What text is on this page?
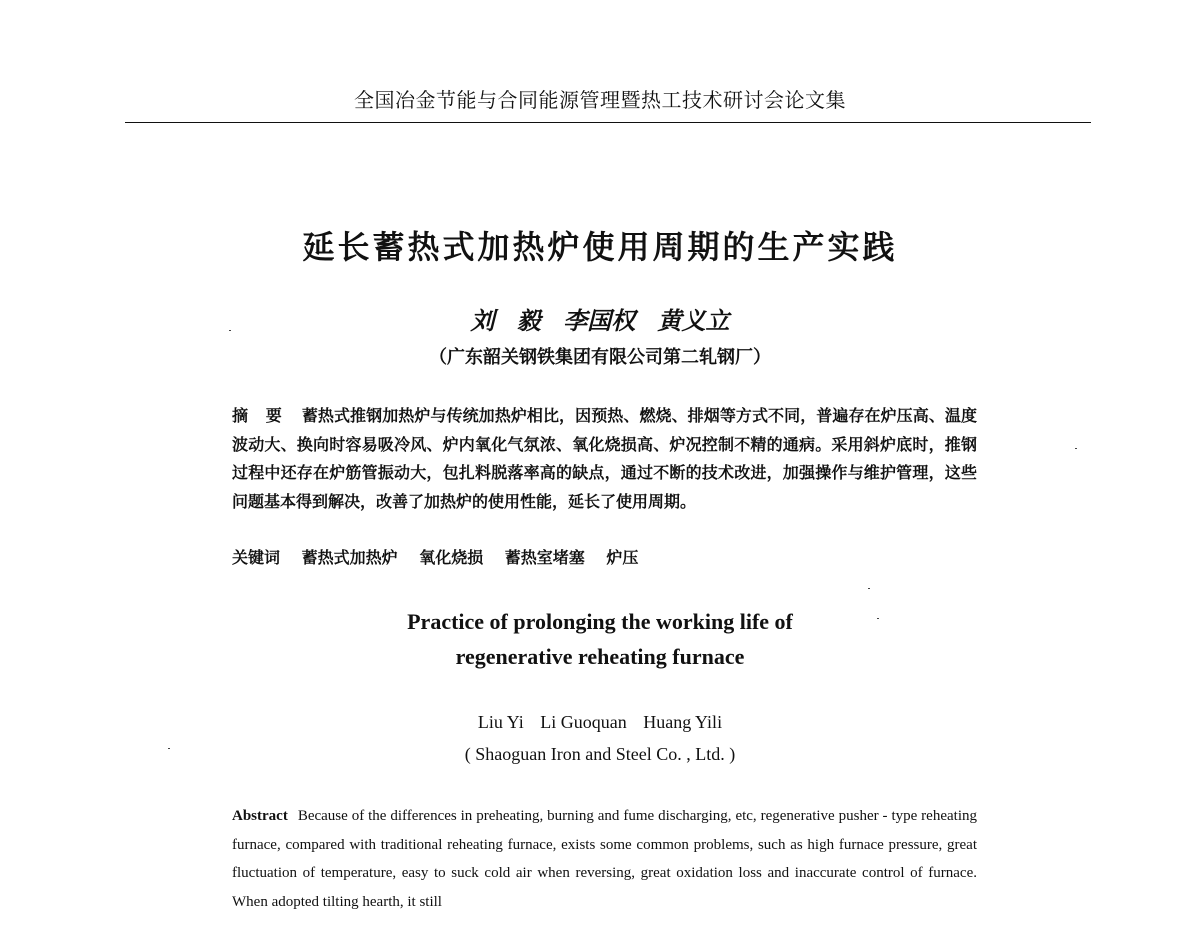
全国冶金节能与合同能源管理暨热工技术研讨会论文集
延长蓄热式加热炉使用周期的生产实践
刘 毅 李国权 黄义立
（广东韶关钢铁集团有限公司第二轧钢厂）

摘 要 蓄热式推钢加热炉与传统加热炉相比，因预热、燃烧、排烟等方式不同，普遍存在炉压高、温度波动大、换向时容易吸冷风、炉内氧化气氛浓、氧化烧损高、炉况控制不精的通病。采用斜炉底时，推钢过程中还存在炉筋管振动大，包扎料脱落率高的缺点，通过不断的技术改进，加强操作与维护管理，这些问题基本得到解决，改善了加热炉的使用性能，延长了使用周期。

关键词 蓄热式加热炉 氧化烧损 蓄热室堵塞 炉压
Practice of prolonging the working life of
regenerative reheating furnace
Liu Yi Li Guoquan Huang Yili
( Shaoguan Iron and Steel Co. , Ltd. )

Abstract Because of the differences in preheating, burning and fume discharging, etc, regenerative pusher - type reheating furnace, compared with traditional reheating furnace, exists some common problems, such as high furnace pressure, great fluctuation of temperature, easy to suck cold air when reversing, great oxidation loss and inaccurate control of furnace. When adopted tilting hearth, it still
